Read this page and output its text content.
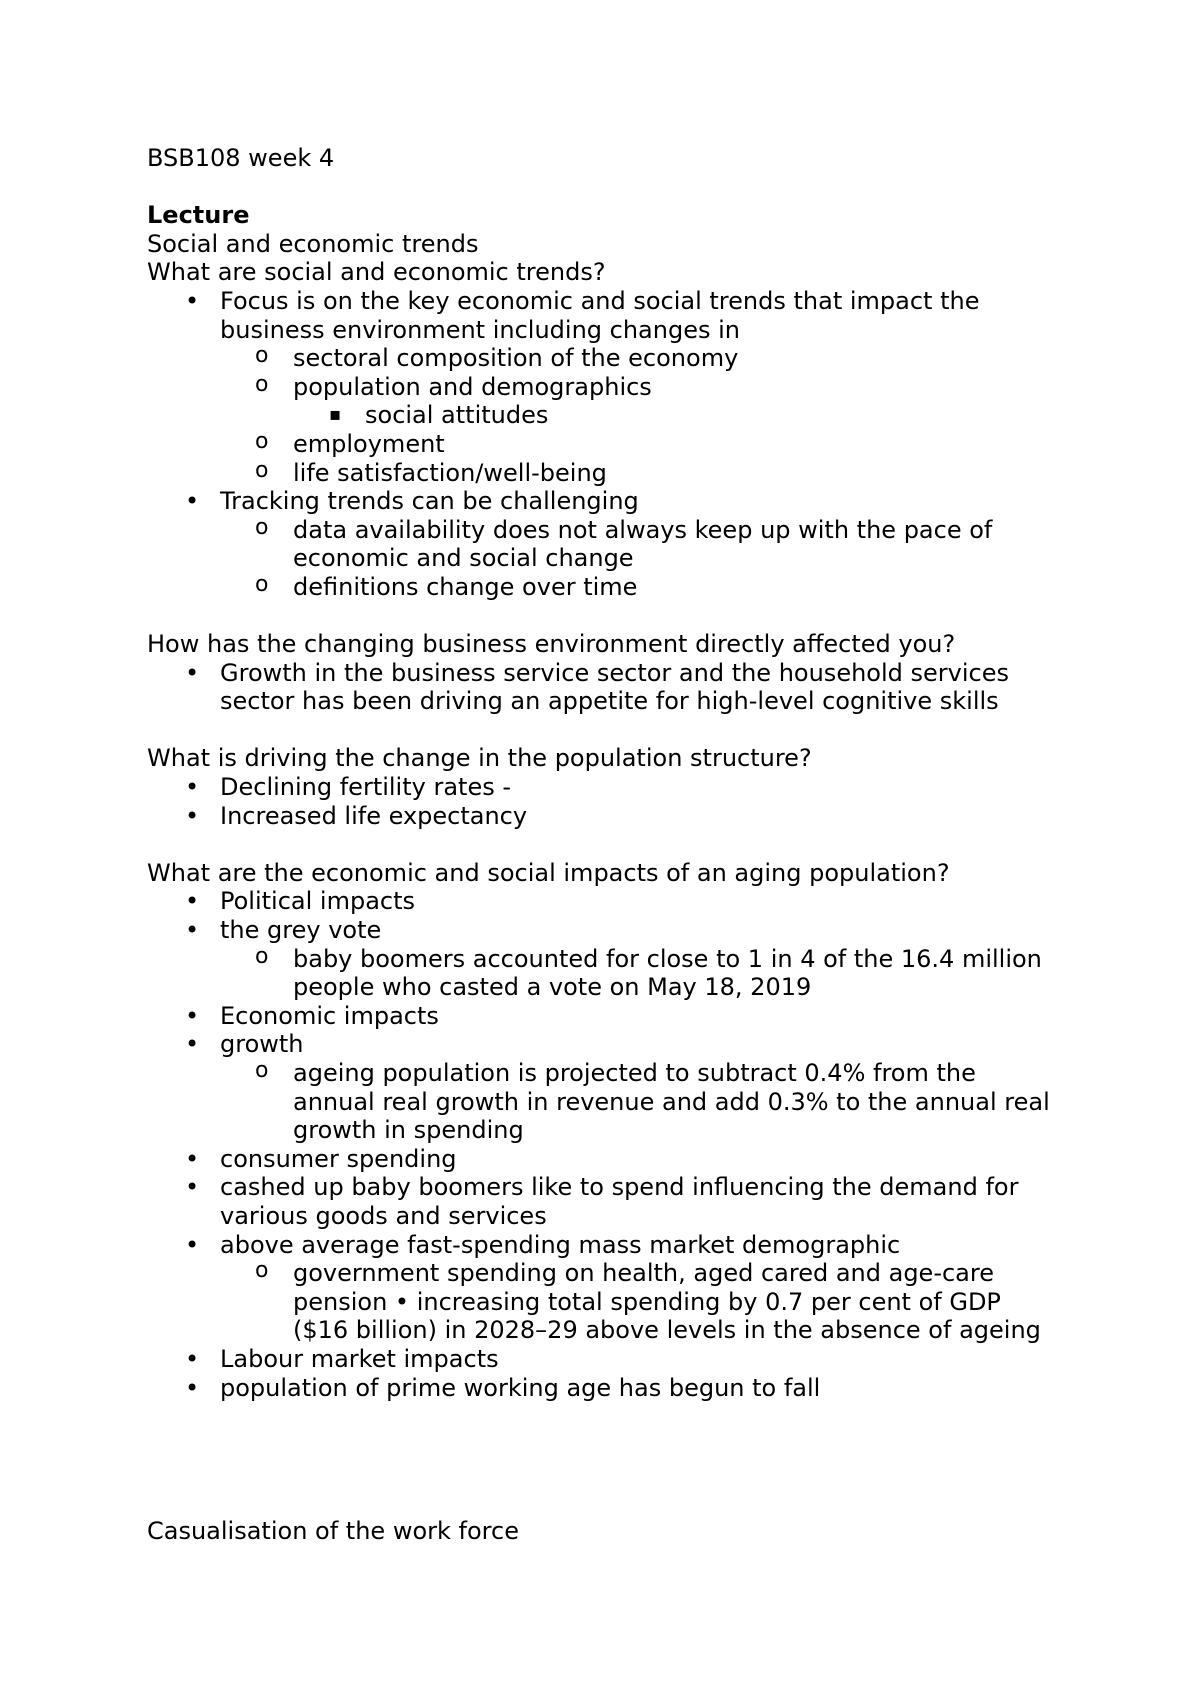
BSB108 week 4
Lecture
Social and economic trends
What are social and economic trends?
• Focus is on the key economic and social trends that impact the
business environment including changes in
o sectoral composition of the economy
o population and demographics
▪ social attitudes
o employment
o life satisfaction/well-being
• Tracking trends can be challenging
o data availability does not always keep up with the pace of
economic and social change
o definitions change over time
How has the changing business environment directly affected you?
• Growth in the business service sector and the household services
sector has been driving an appetite for high-level cognitive skills
What is driving the change in the population structure?
• Declining fertility rates -
• Increased life expectancy
What are the economic and social impacts of an aging population?
• Political impacts
• the grey vote
o baby boomers accounted for close to 1 in 4 of the 16.4 million
people who casted a vote on May 18, 2019
• Economic impacts
• growth
o ageing population is projected to subtract 0.4% from the
annual real growth in revenue and add 0.3% to the annual real
growth in spending
• consumer spending
• cashed up baby boomers like to spend influencing the demand for
various goods and services
• above average fast-spending mass market demographic
o government spending on health, aged cared and age-care
pension • increasing total spending by 0.7 per cent of GDP
($16 billion) in 2028–29 above levels in the absence of ageing
• Labour market impacts
• population of prime working age has begun to fall
Casualisation of the work force
